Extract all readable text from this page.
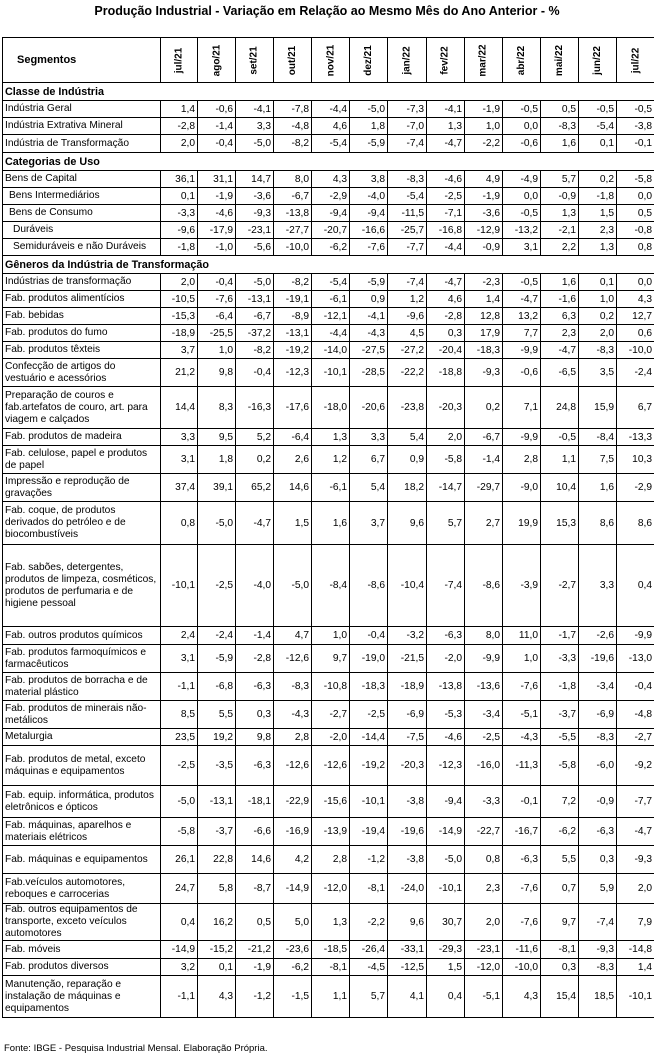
Produção Industrial - Variação em Relação ao Mesmo Mês do Ano Anterior - %
Segmentos	jul/21	ago/21	set/21	out/21	nov/21	dez/21	jan/22	fev/22	mar/22	abr/22	mai/22	jun/22	jul/22
Classe de Indústria													
Indústria Geral	1,4	-0,6	-4,1	-7,8	-4,4	-5,0	-7,3	-4,1	-1,9	-0,5	0,5	-0,5	-0,5
Indústria Extrativa Mineral	-2,8	-1,4	3,3	-4,8	4,6	1,8	-7,0	1,3	1,0	0,0	-8,3	-5,4	-3,8
Indústria de Transformação	2,0	-0,4	-5,0	-8,2	-5,4	-5,9	-7,4	-4,7	-2,2	-0,6	1,6	0,1	-0,1
Categorias de Uso													
Bens de Capital	36,1	31,1	14,7	8,0	4,3	3,8	-8,3	-4,6	4,9	-4,9	5,7	0,2	-5,8
Bens Intermediários	0,1	-1,9	-3,6	-6,7	-2,9	-4,0	-5,4	-2,5	-1,9	0,0	-0,9	-1,8	0,0
Bens de Consumo	-3,3	-4,6	-9,3	-13,8	-9,4	-9,4	-11,5	-7,1	-3,6	-0,5	1,3	1,5	0,5
Duráveis	-9,6	-17,9	-23,1	-27,7	-20,7	-16,6	-25,7	-16,8	-12,9	-13,2	-2,1	2,3	-0,8
Semiduráveis e não Duráveis	-1,8	-1,0	-5,6	-10,0	-6,2	-7,6	-7,7	-4,4	-0,9	3,1	2,2	1,3	0,8
Gêneros da Indústria de Transformação													
Indústrias de transformação	2,0	-0,4	-5,0	-8,2	-5,4	-5,9	-7,4	-4,7	-2,3	-0,5	1,6	0,1	0,0
Fab. produtos alimentícios	-10,5	-7,6	-13,1	-19,1	-6,1	0,9	1,2	4,6	1,4	-4,7	-1,6	1,0	4,3
Fab. bebidas	-15,3	-6,4	-6,7	-8,9	-12,1	-4,1	-9,6	-2,8	12,8	13,2	6,3	0,2	12,7
Fab. produtos do fumo	-18,9	-25,5	-37,2	-13,1	-4,4	-4,3	4,5	0,3	17,9	7,7	2,3	2,0	0,6
Fab. produtos têxteis	3,7	1,0	-8,2	-19,2	-14,0	-27,5	-27,2	-20,4	-18,3	-9,9	-4,7	-8,3	-10,0
Confecção de artigos do vestuário e acessórios	21,2	9,8	-0,4	-12,3	-10,1	-28,5	-22,2	-18,8	-9,3	-0,6	-6,5	3,5	-2,4
Preparação de couros e fab.artefatos de couro, art. para viagem e calçados	14,4	8,3	-16,3	-17,6	-18,0	-20,6	-23,8	-20,3	0,2	7,1	24,8	15,9	6,7
Fab. produtos de madeira	3,3	9,5	5,2	-6,4	1,3	3,3	5,4	2,0	-6,7	-9,9	-0,5	-8,4	-13,3
Fab. celulose, papel e produtos de papel	3,1	1,8	0,2	2,6	1,2	6,7	0,9	-5,8	-1,4	2,8	1,1	7,5	10,3
Impressão e reprodução de gravações	37,4	39,1	65,2	14,6	-6,1	5,4	18,2	-14,7	-29,7	-9,0	10,4	1,6	-2,9
Fab. coque, de produtos derivados do petróleo e de biocombustíveis	0,8	-5,0	-4,7	1,5	1,6	3,7	9,6	5,7	2,7	19,9	15,3	8,6	8,6
Fab. sabões, detergentes, produtos de limpeza, cosméticos, produtos de perfumaria e de higiene pessoal	-10,1	-2,5	-4,0	-5,0	-8,4	-8,6	-10,4	-7,4	-8,6	-3,9	-2,7	3,3	0,4
Fab. outros produtos químicos	2,4	-2,4	-1,4	4,7	1,0	-0,4	-3,2	-6,3	8,0	11,0	-1,7	-2,6	-9,9
Fab. produtos farmoquímicos e farmacêuticos	3,1	-5,9	-2,8	-12,6	9,7	-19,0	-21,5	-2,0	-9,9	1,0	-3,3	-19,6	-13,0
Fab. produtos de borracha e de material plástico	-1,1	-6,8	-6,3	-8,3	-10,8	-18,3	-18,9	-13,8	-13,6	-7,6	-1,8	-3,4	-0,4
Fab. produtos de minerais não-metálicos	8,5	5,5	0,3	-4,3	-2,7	-2,5	-6,9	-5,3	-3,4	-5,1	-3,7	-6,9	-4,8
Metalurgia	23,5	19,2	9,8	2,8	-2,0	-14,4	-7,5	-4,6	-2,5	-4,3	-5,5	-8,3	-2,7
Fab. produtos de metal, exceto máquinas e equipamentos	-2,5	-3,5	-6,3	-12,6	-12,6	-19,2	-20,3	-12,3	-16,0	-11,3	-5,8	-6,0	-9,2
Fab. equip. informática, produtos eletrônicos e ópticos	-5,0	-13,1	-18,1	-22,9	-15,6	-10,1	-3,8	-9,4	-3,3	-0,1	7,2	-0,9	-7,7
Fab. máquinas, aparelhos e materiais elétricos	-5,8	-3,7	-6,6	-16,9	-13,9	-19,4	-19,6	-14,9	-22,7	-16,7	-6,2	-6,3	-4,7
Fab. máquinas e equipamentos	26,1	22,8	14,6	4,2	2,8	-1,2	-3,8	-5,0	0,8	-6,3	5,5	0,3	-9,3
Fab.veículos automotores, reboques e carrocerias	24,7	5,8	-8,7	-14,9	-12,0	-8,1	-24,0	-10,1	2,3	-7,6	0,7	5,9	2,0
Fab. outros equipamentos de transporte, exceto veículos automotores	0,4	16,2	0,5	5,0	1,3	-2,2	9,6	30,7	2,0	-7,6	9,7	-7,4	7,9
Fab. móveis	-14,9	-15,2	-21,2	-23,6	-18,5	-26,4	-33,1	-29,3	-23,1	-11,6	-8,1	-9,3	-14,8
Fab. produtos diversos	3,2	0,1	-1,9	-6,2	-8,1	-4,5	-12,5	1,5	-12,0	-10,0	0,3	-8,3	1,4
Manutenção, reparação e instalação de máquinas e equipamentos	-1,1	4,3	-1,2	-1,5	1,1	5,7	4,1	0,4	-5,1	4,3	15,4	18,5	-10,1
Fonte: IBGE - Pesquisa Industrial Mensal. Elaboração Própria.
